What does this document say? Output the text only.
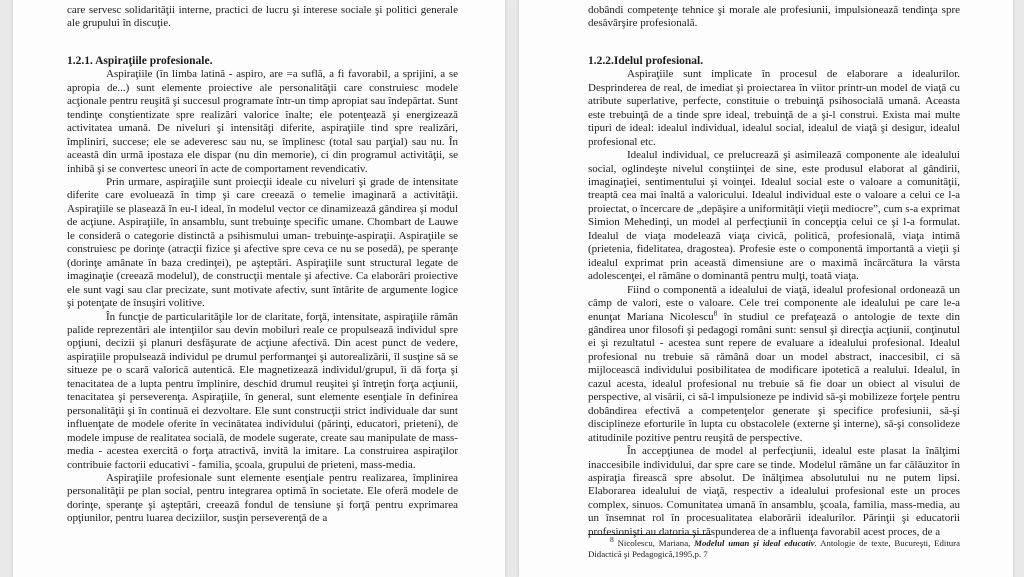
care servesc solidarităţii interne, practici de lucru şi interese sociale şi politici generale ale grupului în discuţie.

1.2.1. Aspiraţiile profesionale.

Aspiraţiile (în limba latină - aspiro, are =a suflă, a fi favorabil, a sprijini, a se apropia de...) sunt elemente proiective ale personalităţii care construiesc modele acţionale pentru reuşită şi succesul programate într-un timp apropiat sau îndepărtat. Sunt tendinţe conştientizate spre realizări valorice înalte; ele potenţează şi energizează activitatea umană. De niveluri şi intensităţi diferite, aspiraţiile tind spre realizări, împliniri, succese; ele se adeveresc sau nu, se împlinesc (total sau parţial) sau nu. În această din urmă ipostaza ele dispar (nu din memorie), ci din programul activităţii, se inhibă şi se convertesc uneori în acte de comportament revendicativ.

Prin urmare, aspiraţiile sunt proiecţii ideale cu niveluri şi grade de intensitate diferite care evoluează în timp şi care creează o temelie imaginară a activităţii. Aspiraţiile se plasează în eu-l ideal, în modelul vector ce dinamizează gândirea şi modul de acţiune. Aspiraţiile, în ansamblu, sunt trebuinţe specific umane. Chombart de Lauwe le consideră o categorie distinctă a psihismului uman- trebuinţe-aspiraţii. Aspiraţiile se construiesc pe dorinţe (atracţii fizice şi afective spre ceva ce nu se posedă), pe speranţe (dorinţe amânate în baza credinţei), pe aşteptări. Aspiraţiile sunt structural legate de imaginaţie (creează modelul), de construcţii mentale şi afective. Ca elaborări proiective ele sunt vagi sau clar precizate, sunt motivate afectiv, sunt întărite de argumente logice şi potenţate de însuşiri volitive.

În funcţie de particularităţile lor de claritate, forţă, intensitate, aspiraţiile rămân palide reprezentări ale intenţiilor sau devin mobiluri reale ce propulsează individul spre opţiuni, decizii şi planuri desfăşurate de acţiune afectivă. Din acest punct de vedere, aspiraţiile propulsează individul pe drumul performanţei şi autorealizării, îl susţine să se situeze pe o scară valorică autentică. Ele magnetizează individul/grupul, îi dă forţa şi tenacitatea de a lupta pentru împlinire, deschid drumul reuşitei şi întreţin forţa acţiunii, tenacitatea şi perseverenţa. Aspiraţiile, în general, sunt elemente esenţiale în definirea personalităţii şi în continuă ei dezvoltare. Ele sunt construcţii strict individuale dar sunt influenţate de modele oferite în vecinătatea individului (părinţi, educatori, prieteni), de modele impuse de realitatea socială, de modele sugerate, create sau manipulate de mass-media - acestea exercită o forţa atractivă, invită la imitare. La construirea aspiraţilor contribuie factorii educativi - familia, şcoala, grupului de prieteni, mass-media.

Aspiraţiile profesionale sunt elemente esenţiale pentru realizarea, împlinirea personalităţii pe plan social, pentru integrarea optimă în societate. Ele oferă modele de dorinţe, speranţe şi aşteptări, creează fondul de tensiune şi forţă pentru exprimarea opţiunilor, pentru luarea deciziilor, susţin perseverenţă de a

dobândi competenţe tehnice şi morale ale profesiunii, impulsionează tendinţa spre desăvârşire profesională.

1.2.2.Idelul profesional.

Aspiraţiile sunt implicate în procesul de elaborare a idealurilor. Desprinderea de real, de imediat şi proiectarea în viitor printr-un model de viaţă cu atribute superlative, perfecte, constituie o trebuinţă psihosocială umană. Aceasta este trebuinţă de a tinde spre ideal, trebuinţă de a şi-l construi. Exista mai multe tipuri de ideal: idealul individual, idealul social, idealul de viaţă şi desigur, idealul profesional etc.

Idealul individual, ce prelucrează şi asimilează componente ale idealului social, oglindeşte nivelul conştiinţei de sine, este produsul elaborat al gândirii, imaginaţiei, sentimentului şi voinţei. Idealul social este o valoare a comunităţii, treaptă cea mai înaltă a valoricului. Idealul individual este o valoare a celui ce l-a proiectat, o încercare de „depăşire a uniformităţii vieţii mediocre”, cum s-a exprimat Simion Mehedinţi, un model al perfecţiunii în concepţia celui ce şi l-a formulat. Idealul de viaţa modelează viaţa civică, politică, profesională, viaţa intimă (prietenia, fidelitatea, dragostea). Profesie este o componentă importantă a vieţii şi idealul exprimat prin această dimensiune are o maximă încărcătura la vârsta adolescenţei, el rămâne o dominantă pentru mulţi, toată viaţa.

Fiind o componentă a idealului de viaţă, idealul profesional ordonează un câmp de valori, este o valoare. Cele trei componente ale idealului pe care le-a enunţat Mariana Nicolescu$^8$ în studiul ce prefaţează o antologie de texte din gândirea unor filosofi şi pedagogi români sunt: sensul şi direcţia acţiunii, conţinutul ei şi rezultatul - acestea sunt repere de evaluare a idealului profesional. Idealul profesional nu trebuie să rămână doar un model abstract, inaccesibil, ci să mijlocească individului posibilitatea de modificare ipotetică a realului. Idealul, în cazul acesta, idealul profesional nu trebuie să fie doar un obiect al visului de perspective, al visării, ci să-l impulsioneze pe individ să-şi mobilizeze forţele pentru dobândirea efectivă a competenţelor generate şi specifice profesiunii, să-şi disciplineze eforturile în lupta cu obstacolele (externe şi interne), să-şi consolideze atitudinile pozitive pentru reuşită de perspective.

În accepţiunea de model al perfecţiunii, idealul este plasat la înălţimi inaccesibile individului, dar spre care se tinde. Modelul rămâne un far călăuzitor în aspiraţia firească spre absolut. De înălţimea absolutului nu ne putem lipsi. Elaborarea idealului de viaţă, respectiv a idealului profesional este un proces complex, sinuos. Comunitatea umană în ansamblu, şcoala, familia, mass-media, au un însemnat rol în procesualitatea elaborării idealurilor. Părinţii şi educatorii profesionişti au datoria şi răspunderea de a influenţa favorabil acest proces, de a

$^8$ Nicolescu, Mariana, Modelul uman şi ideal educativ. Antologie de texte, Bucureşti, Editura Didactică şi Pedagogică,1995,p. 7
